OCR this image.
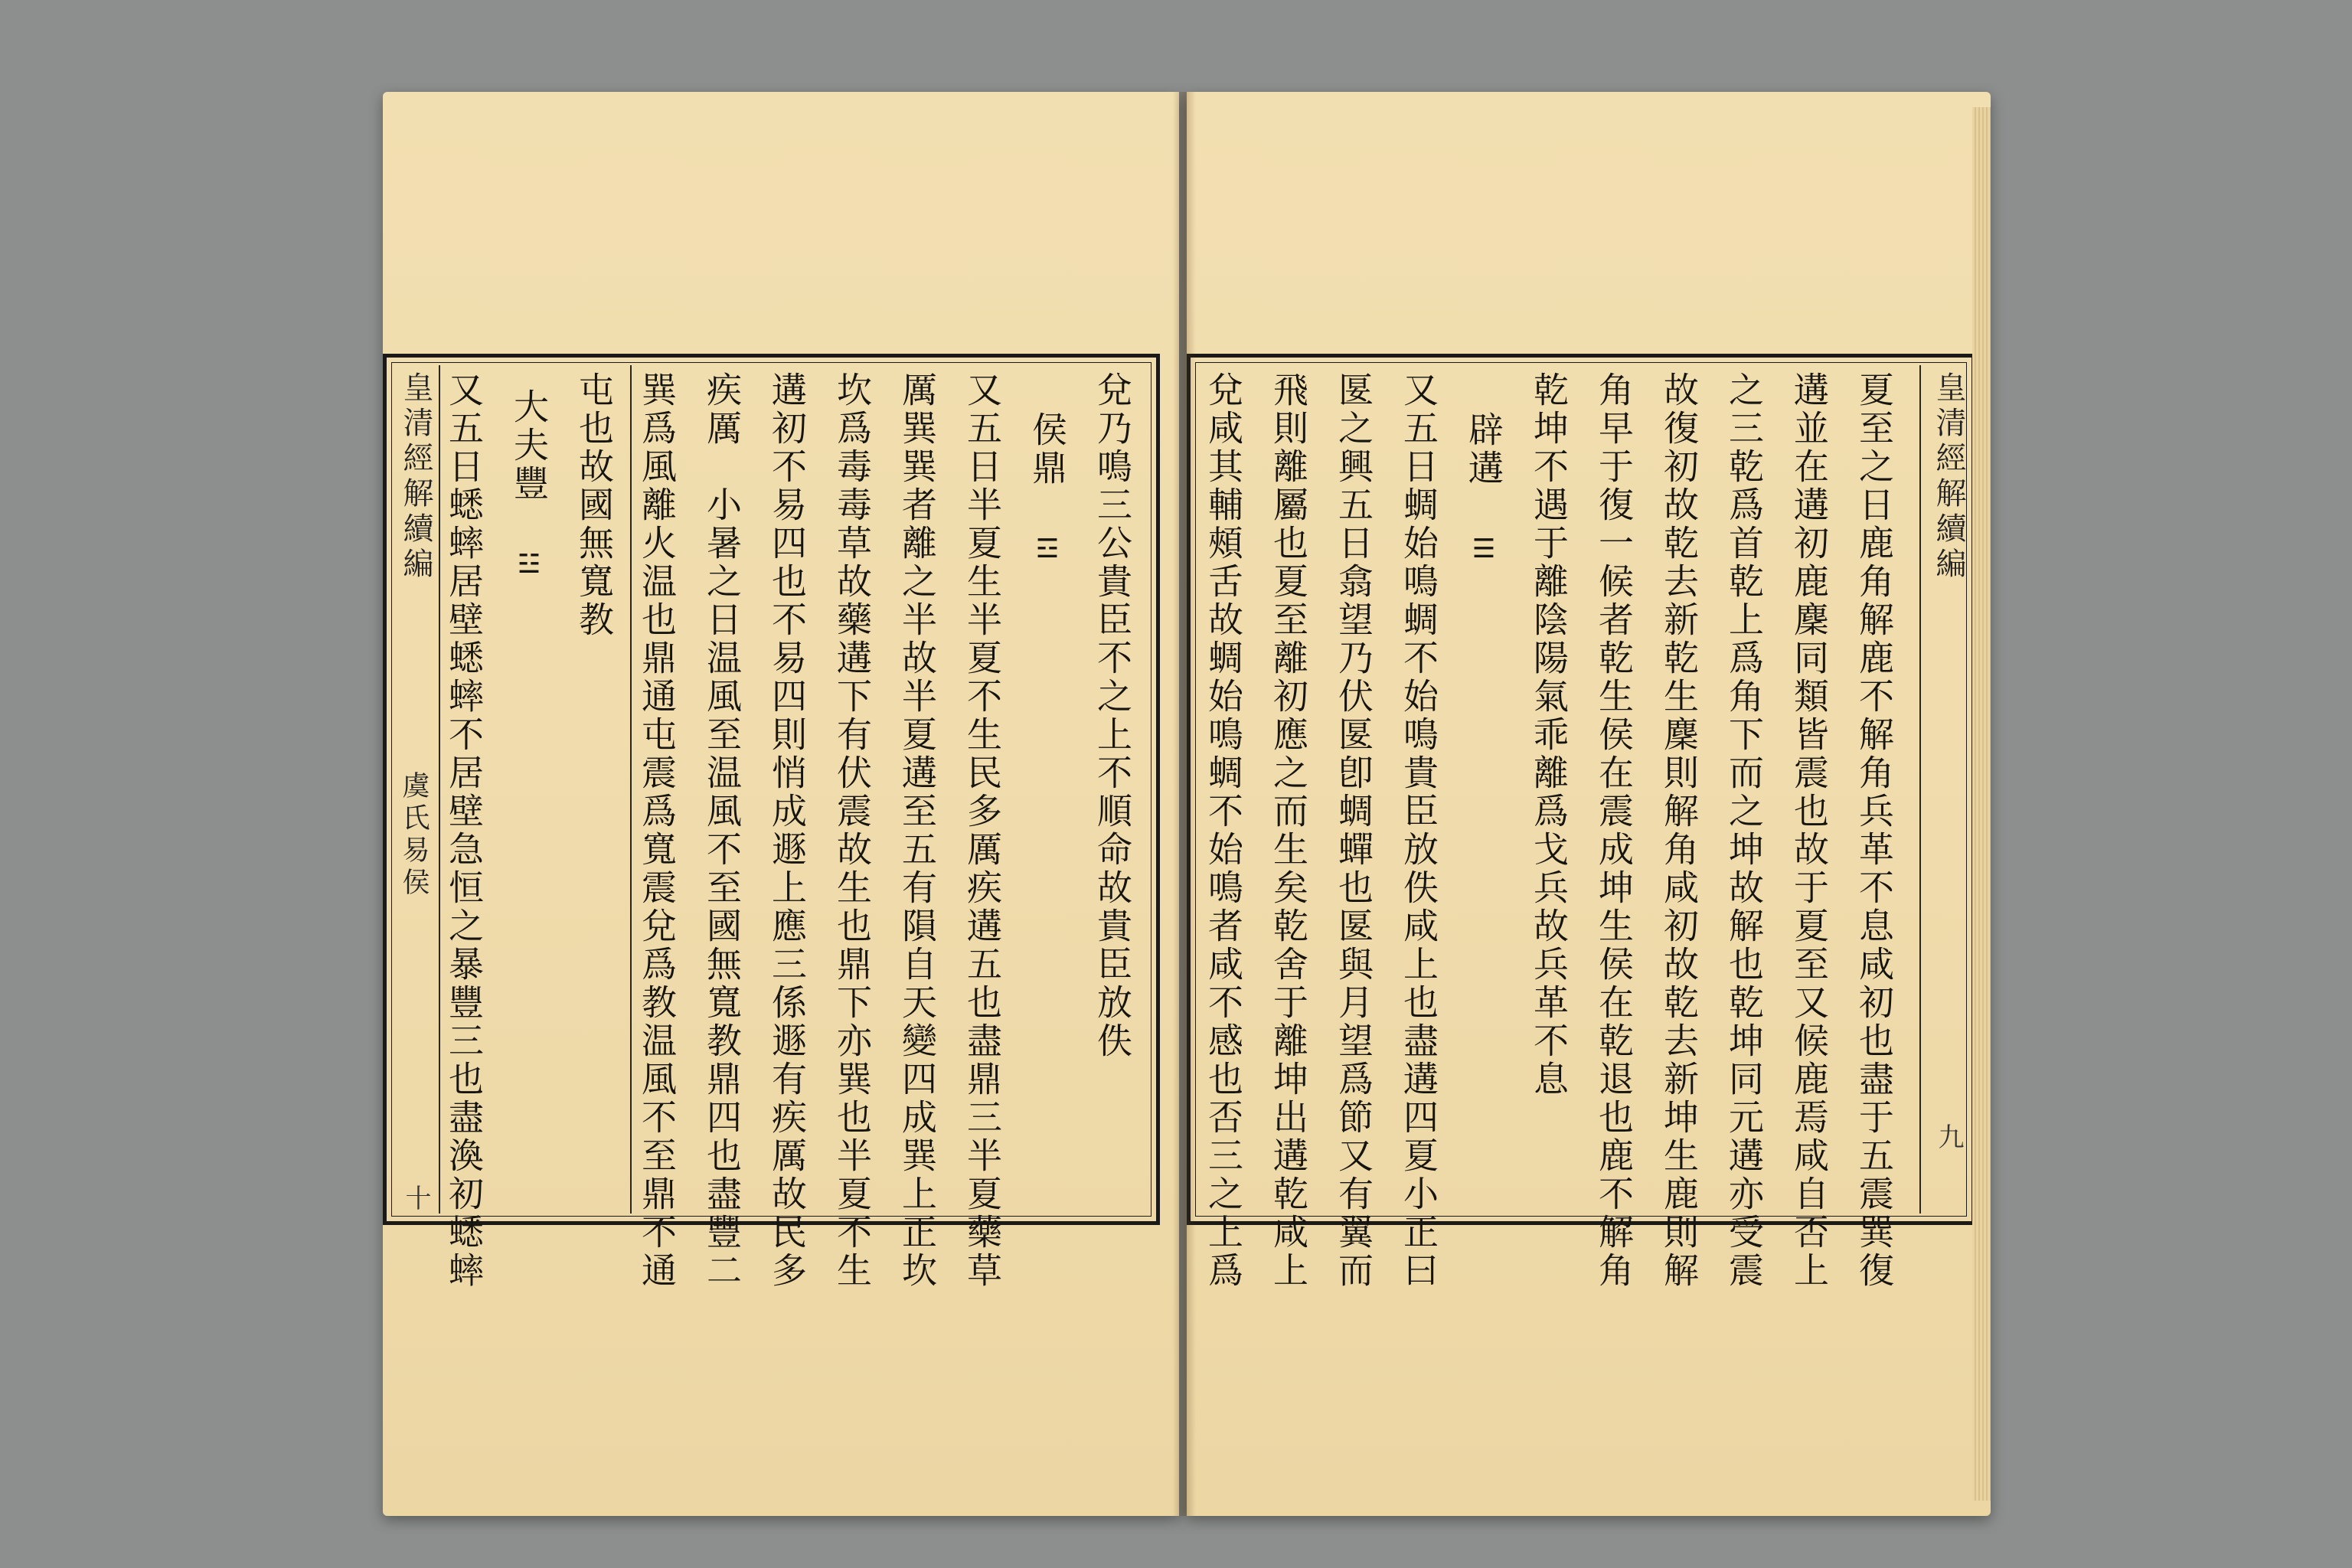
皇清經解續編
虞氏易侯
十 又五日蟋蟀居壁蟋蟀不居壁急恒之暴豐三也盡渙初蟋蟀 大夫豐☳ 屯也故國無寬教 巽爲風離火温也鼎通屯震爲寬震兌爲教温風不至鼎不通 疾厲　小暑之日温風至温風不至國無寬教鼎四也盡豐二 遘初不易四也不易四則悄成遯上應三係遯有疾厲故民多 坎爲毒毒草故藥遘下有伏震故生也鼎下亦巽也半夏不生 厲巽巽者離之半故半夏遘至五有隕自天變四成巽上正坎 又五日半夏生半夏不生民多厲疾遘五也盡鼎三半夏藥草 侯鼎☲ 兌乃鳴三公貴臣不之上不順命故貴臣放佚 兌咸其輔頰舌故蜩始鳴蜩不始鳴者咸不感也否三之上爲 飛則離屬也夏至離初應之而生矣乾舍于離坤出遘乾咸上 匽之興五日翕望乃伏匽卽蜩蟬也匽與月望爲節又有翼而 又五日蜩始鳴蜩不始鳴貴臣放佚咸上也盡遘四夏小正曰 辟遘☰ 乾坤不遇于離陰陽氣乖離爲戈兵故兵革不息 角早于復一候者乾生侯在震成坤生侯在乾退也鹿不解角 故復初故乾去新乾生麇則解角咸初故乾去新坤生鹿則解 之三乾爲首乾上爲角下而之坤故解也乾坤同元遘亦受震 遘並在遘初鹿麇同類皆震也故于夏至又候鹿焉咸自否上 夏至之日鹿角解鹿不解角兵革不息咸初也盡于五震巽復 皇清經解續編
九
